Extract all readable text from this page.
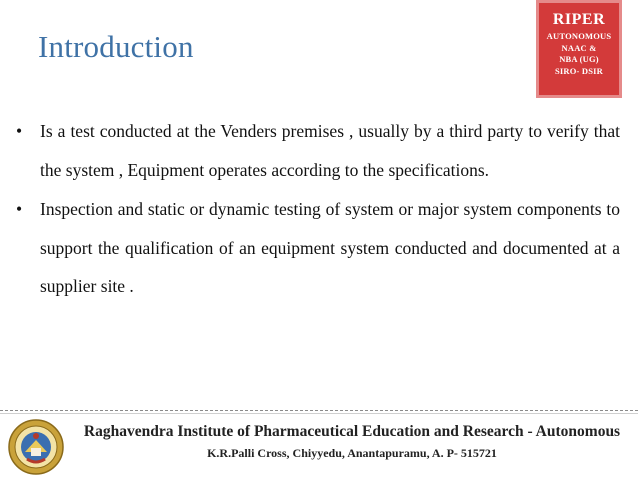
Introduction
RIPER
AUTONOMOUS
NAAC &
NBA (UG)
SIRO- DSIR
•	Is a test conducted at the Venders premises , usually by a third party to verify that the system , Equipment operates according to the specifications.
•	Inspection and static or dynamic testing of system or major system components to support the qualification of an equipment system conducted and documented at a supplier site .
Raghavendra Institute of Pharmaceutical Education and Research - Autonomous
K.R.Palli Cross, Chiyyedu, Anantapuramu, A. P- 515721
